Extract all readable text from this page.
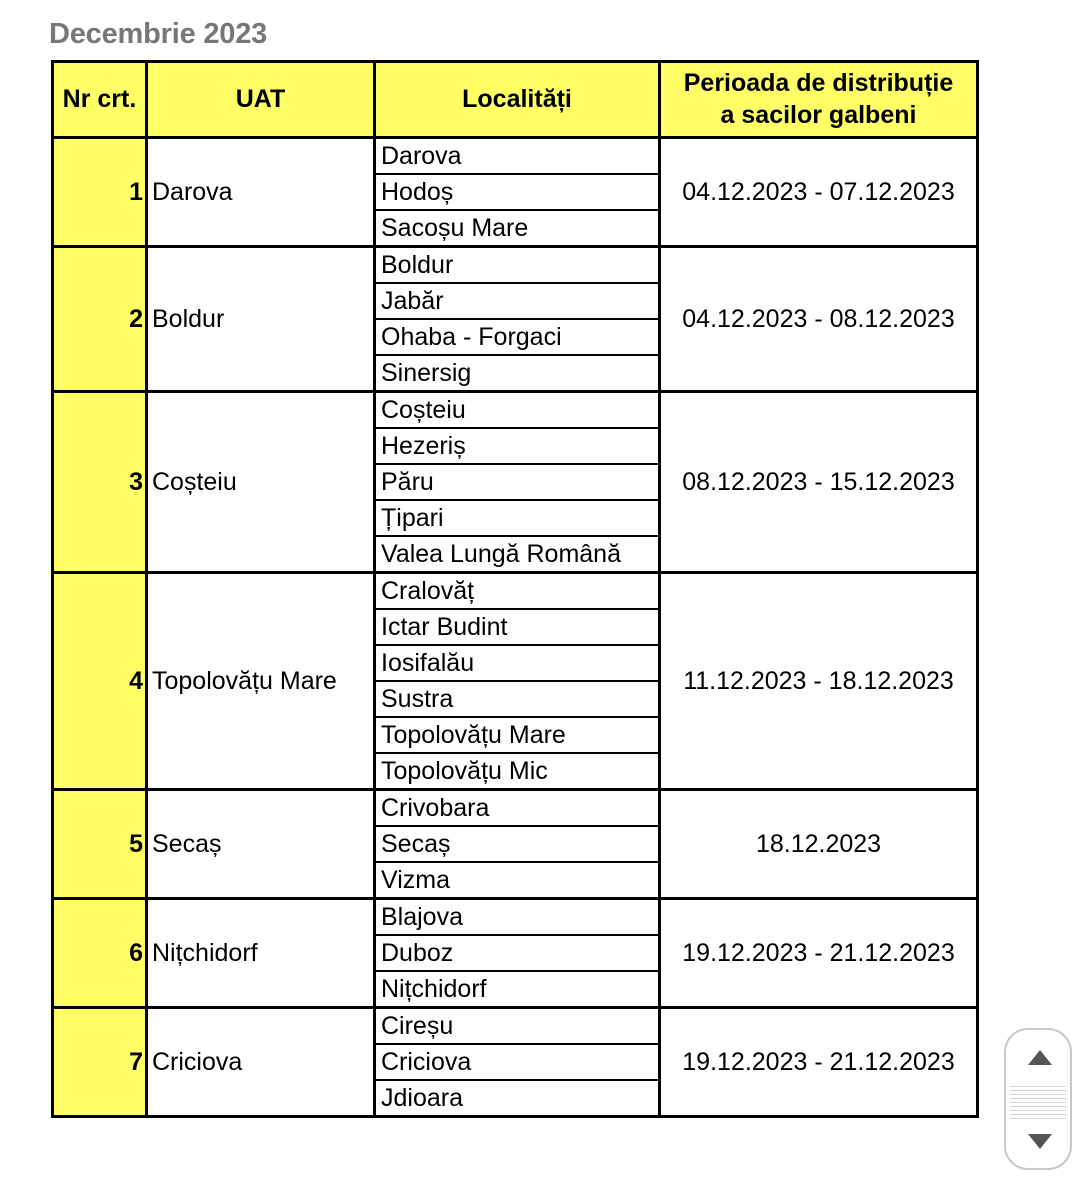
Decembrie 2023
Nr crt.	UAT	Localități	Perioada de distribuție
a sacilor galbeni
1	Darova	Darova	04.12.2023 - 07.12.2023
		Hodoș	
		Sacoșu Mare	
2	Boldur	Boldur	04.12.2023 - 08.12.2023
		Jabăr	
		Ohaba - Forgaci	
		Sinersig	
3	Coșteiu	Coșteiu	08.12.2023 - 15.12.2023
		Hezeriș	
		Păru	
		Țipari	
		Valea Lungă Română	
4	Topolovățu Mare	Cralovăț	11.12.2023 - 18.12.2023
		Ictar Budint	
		Iosifalău	
		Sustra	
		Topolovățu Mare	
		Topolovățu Mic	
5	Secaș	Crivobara	18.12.2023
		Secaș	
		Vizma	
6	Nițchidorf	Blajova	19.12.2023 - 21.12.2023
		Duboz	
		Nițchidorf	
7	Criciova	Cireșu	19.12.2023 - 21.12.2023
		Criciova	
		Jdioara	
